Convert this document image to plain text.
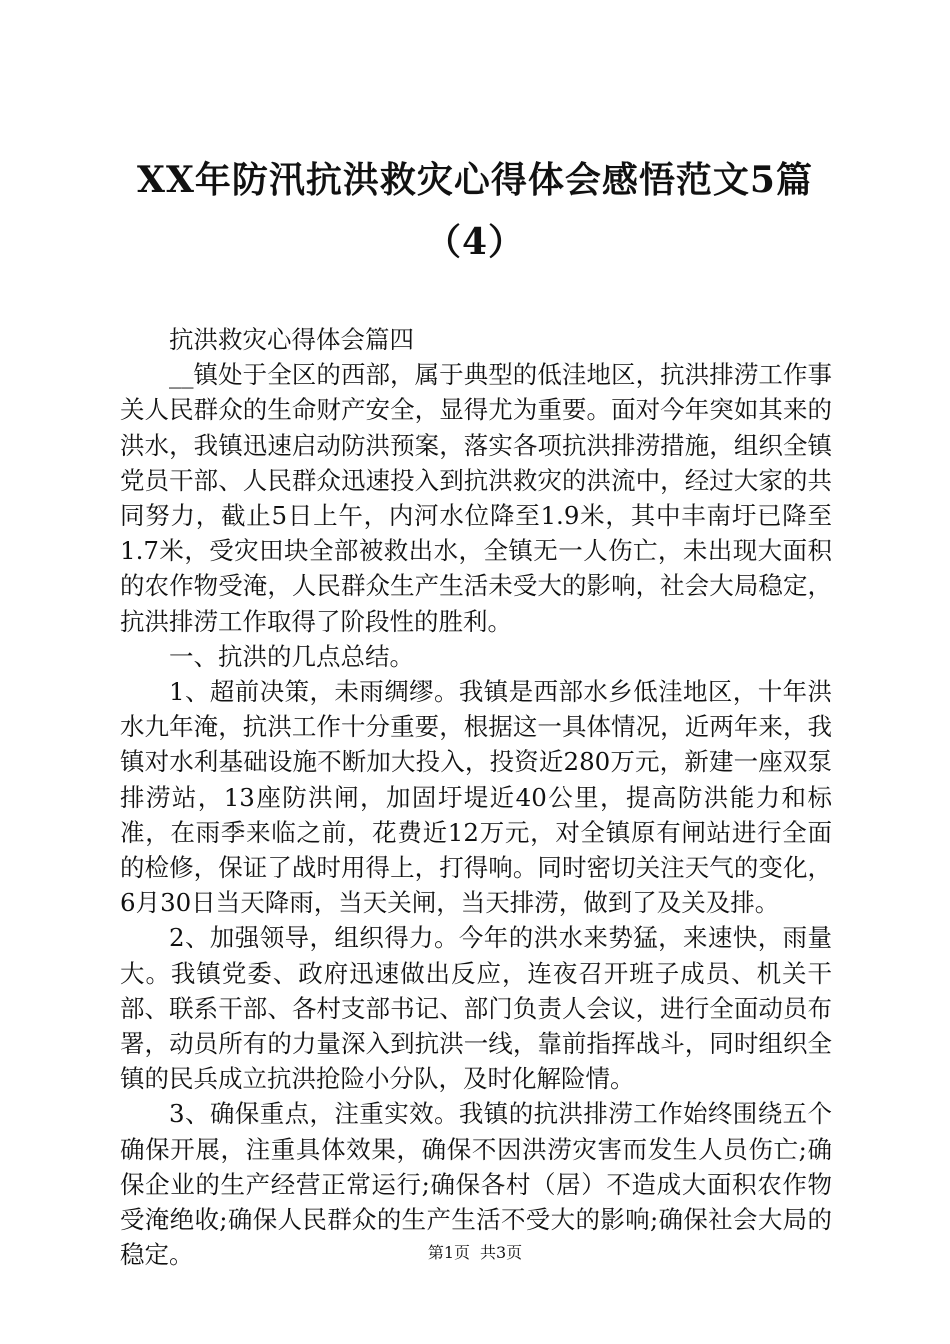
XX年防汛抗洪救灾心得体会感悟范文5篇
（4）

抗洪救灾心得体会篇四

__镇处于全区的西部，属于典型的低洼地区，抗洪排涝工作事关人民群众的生命财产安全，显得尤为重要。面对今年突如其来的洪水，我镇迅速启动防洪预案，落实各项抗洪排涝措施，组织全镇党员干部、人民群众迅速投入到抗洪救灾的洪流中，经过大家的共同努力，截止5日上午，内河水位降至1.9米，其中丰南圩已降至1.7米，受灾田块全部被救出水，全镇无一人伤亡，未出现大面积的农作物受淹，人民群众生产生活未受大的影响，社会大局稳定，抗洪排涝工作取得了阶段性的胜利。

一、抗洪的几点总结。

1、超前决策，未雨绸缪。我镇是西部水乡低洼地区，十年洪水九年淹，抗洪工作十分重要，根据这一具体情况，近两年来，我镇对水利基础设施不断加大投入，投资近280万元，新建一座双泵排涝站，13座防洪闸，加固圩堤近40公里，提高防洪能力和标准，在雨季来临之前，花费近12万元，对全镇原有闸站进行全面的检修，保证了战时用得上，打得响。同时密切关注天气的变化，6月30日当天降雨，当天关闸，当天排涝，做到了及关及排。

2、加强领导，组织得力。今年的洪水来势猛，来速快，雨量大。我镇党委、政府迅速做出反应，连夜召开班子成员、机关干部、联系干部、各村支部书记、部门负责人会议，进行全面动员布署，动员所有的力量深入到抗洪一线，靠前指挥战斗，同时组织全镇的民兵成立抗洪抢险小分队，及时化解险情。

3、确保重点，注重实效。我镇的抗洪排涝工作始终围绕五个确保开展，注重具体效果，确保不因洪涝灾害而发生人员伤亡;确保企业的生产经营正常运行;确保各村（居）不造成大面积农作物受淹绝收;确保人民群众的生产生活不受大的影响;确保社会大局的稳定。	第1页 共3页
